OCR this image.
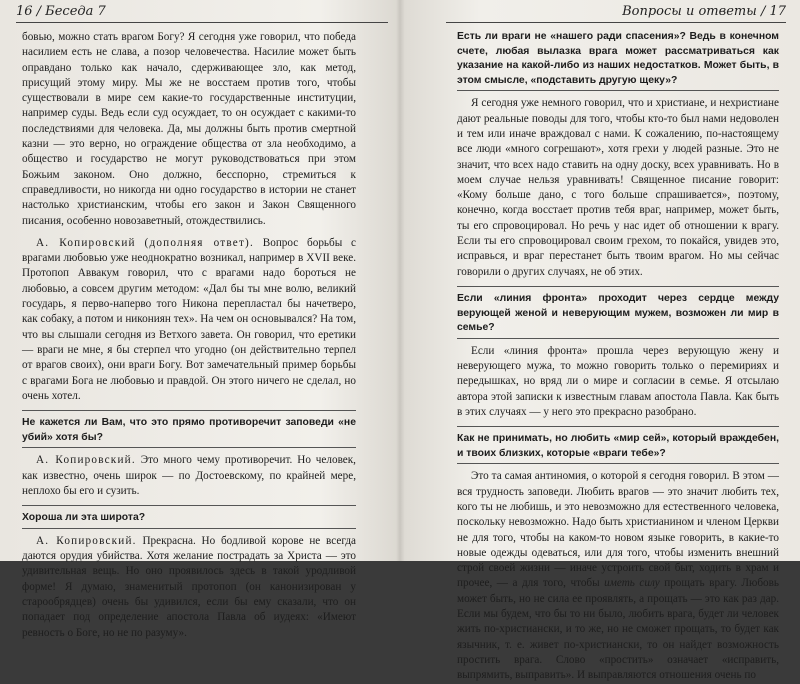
16 / Беседа 7

бовью, можно стать врагом Богу? Я сегодня уже говорил, что победа насилием есть не слава, а позор человечества. Насилие может быть оправдано только как начало, сдерживающее зло, как метод, присущий этому миру. Мы же не восстаем против того, чтобы существовали в мире сем какие-то государственные институции, например суды. Ведь если суд осуждает, то он осуждает с какими-то последствиями для человека. Да, мы должны быть против смертной казни — это верно, но ограждение общества от зла необходимо, а общество и государство не могут руководствоваться при этом Божьим законом. Оно должно, бесспорно, стремиться к справедливости, но никогда ни одно государство в истории не станет настолько христианским, чтобы его закон и Закон Священного писания, особенно новозаветный, отождествились.

А. Копировский (дополняя ответ). Вопрос борьбы с врагами любовью уже неоднократно возникал, например в XVII веке. Протопоп Аввакум говорил, что с врагами надо бороться не любовью, а совсем другим методом: «Дал бы ты мне волю, великий государь, я перво-наперво того Никона перепластал бы начетверо, как собаку, а потом и никониян тех». На чем он основывался? На том, что вы слышали сегодня из Ветхого завета. Он говорил, что еретики — враги не мне, я бы стерпел что угодно (он действительно терпел от врагов своих), они враги Богу. Вот замечательный пример борьбы с врагами Бога не любовью и правдой. Он этого ничего не сделал, но очень хотел.

Не кажется ли Вам, что это прямо противоречит заповеди «не убий» хотя бы?

А. Копировский. Это много чему противоречит. Но человек, как известно, очень широк — по Достоевскому, по крайней мере, неплохо бы его и сузить.

Хороша ли эта широта?

А. Копировский. Прекрасна. Но бодливой корове не всегда даются орудия убийства. Хотя желание пострадать за Христа — это удивительная вещь. Но оно проявилось здесь в такой уродливой форме! Я думаю, знаменитый протопоп (он канонизирован у старообрядцев) очень бы удивился, если бы ему сказали, что он попадает под определение апостола Павла об иудеях: «Имеют ревность о Боге, но не по разуму».

Вопросы и ответы / 17

Есть ли враги не «нашего ради спасения»? Ведь в конечном счете, любая вылазка врага может рассматриваться как указание на какой-либо из наших недостатков. Может быть, в этом смысле, «подставить другую щеку»?

Я сегодня уже немного говорил, что и христиане, и нехристиане дают реальные поводы для того, чтобы кто-то был нами недоволен и тем или иначе враждовал с нами. К сожалению, по-настоящему все люди «много согрешают», хотя грехи у людей разные. Это не значит, что всех надо ставить на одну доску, всех уравнивать. Но в моем случае нельзя уравнивать! Священное писание говорит: «Кому больше дано, с того больше спрашивается», поэтому, конечно, когда восстает против тебя враг, например, может быть, ты его спровоцировал. Но речь у нас идет об отношении к врагу. Если ты его спровоцировал своим грехом, то покайся, увидев это, исправься, и враг перестанет быть твоим врагом. Но мы сейчас говорили о других случаях, не об этих.

Если «линия фронта» проходит через сердце между верующей женой и неверующим мужем, возможен ли мир в семье?

Если «линия фронта» прошла через верующую жену и неверующего мужа, то можно говорить только о перемириях и передышках, но вряд ли о мире и согласии в семье. Я отсылаю автора этой записки к известным главам апостола Павла. Как быть в этих случаях — у него это прекрасно разобрано.

Как не принимать, но любить «мир сей», который враждебен, и твоих близких, которые «враги тебе»?

Это та самая антиномия, о которой я сегодня говорил. В этом — вся трудность заповеди. Любить врагов — это значит любить тех, кого ты не любишь, и это невозможно для естественного человека, поскольку невозможно. Надо быть христианином и членом Церкви не для того, чтобы на каком-то новом языке говорить, в какие-то новые одежды одеваться, или для того, чтобы изменить внешний строй своей жизни — иначе устроить свой быт, ходить в храм и прочее, — а для того, чтобы иметь силу прощать врагу. Любовь может быть, но не сила ее проявлять, а прощать — это как раз дар. Если мы будем, что бы то ни было, любить врага, будет ли человек жить по-христиански, и то же, но не сможет прощать, то будет как язычник, т. е. живет по-христиански, то он найдет возможность простить врага. Слово «простить» означает «исправить, выпрямить, выправить». И выправляются отношения очень по
